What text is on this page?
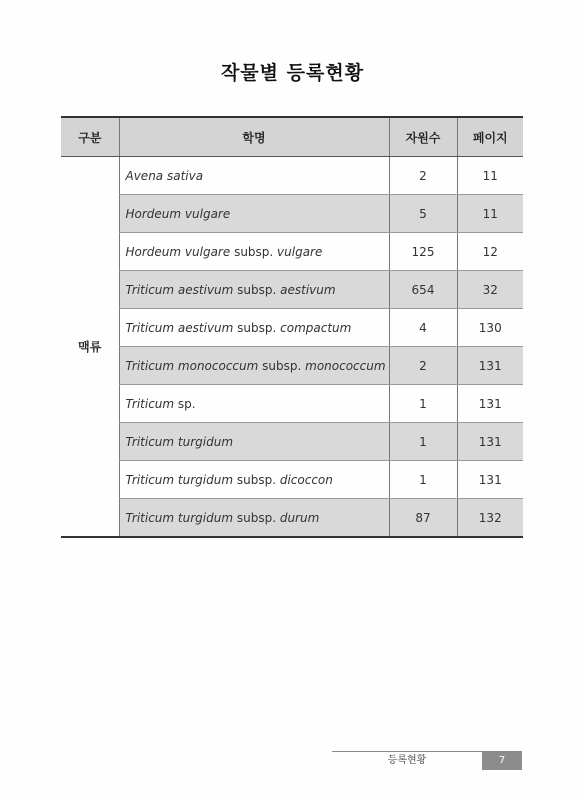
작물별 등록현황
구분	학명	자원수	페이지
맥류	Avena sativa	2	11
	Hordeum vulgare	5	11
	Hordeum vulgare subsp. vulgare	125	12
	Triticum aestivum subsp. aestivum	654	32
	Triticum aestivum subsp. compactum	4	130
	Triticum monococcum subsp. monococcum	2	131
	Triticum sp.	1	131
	Triticum turgidum	1	131
	Triticum turgidum subsp. dicoccon	1	131
	Triticum turgidum subsp. durum	87	132
등록현황	7
